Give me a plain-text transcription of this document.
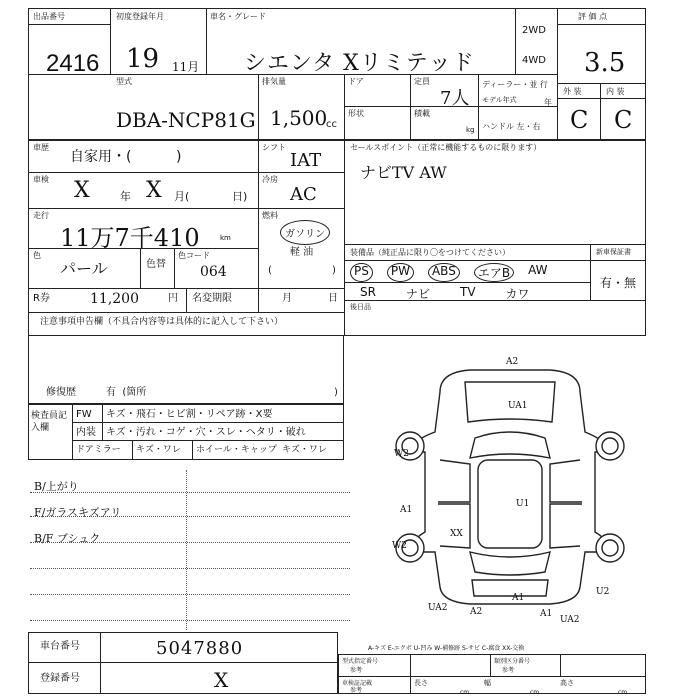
出品番号
2416
初度登録年月
19 11月
車名・グレード
シエンタ Xリミテッド
2WD
4WD
評 価 点
3.5
外 装	内 装
C C
型式
DBA-NCP81G
排気量
1,500
cc
ドア	定員
7人
ディーラー・並 行
モデル年式	年
形状	積載
kg ハンドル 左・右
車歴
自家用・(          )
シフト
IAT
セールスポイント（正常に機能するものに限ります）
ナビTV AW
車検 X	年 X 月(	日)
冷房
AC
走行
11万7千410	km
燃料
ガソリン
軽 油
色
パール	色替
色コード
064	(	)
R券	11,200	円 名変期限	月	日
装備品（純正品に限り〇をつけてください）	新車保証書
PS	PW	ABS	エアB	AW
SR	ナビ	TV	カワ
有・無
後日品
注意事項申告欄（不具合内容等は具体的に記入して下さい）
修復歴	有  (箇所	)
検査員記入欄
FW キズ・飛石・ヒビ割・リペア跡・X要
内装 キズ・汚れ・コゲ・穴・スレ・ヘタリ・破れ
ドアミラー キズ・ワレ ホイール・キャップ キズ・ワレ
B/上がり
F/ガラスキズアリ
B/F ブシュク
A2
UA1
W2
U1
A1
XX
W2
A1
UA2 A2	A1
UA2
U2
A-キズ E-エクボ U-凹み W-補修跡 S-サビ C-腐食 XX-交換
車台番号	5047880
登録番号	X
型式指定番号
参考
類別区分番号
参考
車検証記載
参考
長さ
cm
幅
cm
高さ
cm
